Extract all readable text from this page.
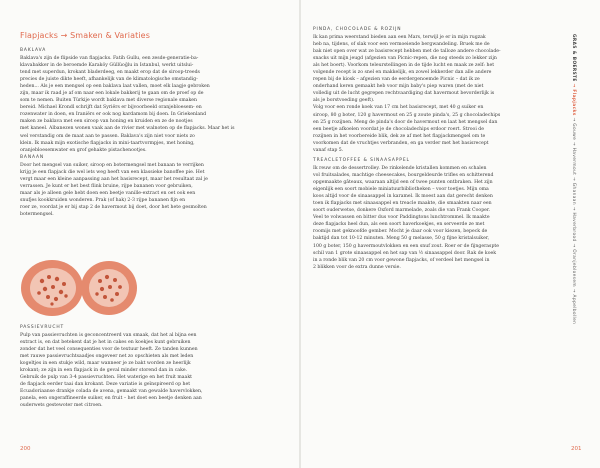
Flapjacks → Smaken & Variaties
BAKLAVA
Baklava's zijn de flipside van flapjacks. Fatih Gullu, een zesde-generatie-ba-
klavabakker in de beroemde Karaköy Güllüoğlu in Istanbul, werkt uitslui-
tend met superdun, krokant bladerdeeg, en maakt erop dat de siroop-treeds
precies de juiste dikte heeft, afhankelijk van de klimatologische omstandig-
heden... Als je een mengsel op een baklava laat vallen, moet elk laagje gebroken
zijn, maar ik raad je af om naar een lokale bakkerij te gaan om de proef op de
som te nemen. Buiten Türkije wordt baklava met diverse regionale smaken
bereid. Michael Krondl schrijft dat Syriërs er bijvoorbeeld oranjebloesem- en
rozenwater in doen, en Iraniërs er ook nog kardamom bij doen. In Griekenland
maken ze baklava met een siroop van honing en kruiden en ze de nootjes
met kaneel. Albanezen wonen vaak aan de rivier met walnoten op de flapjacks. Maar het is
wel verstandig om de maat aan te passen. Baklava's zijn niet voor niets zo
klein. Ik maak mijn exotische flapjacks in mini-taartvormpjes, met honing,
oranjebloesemwater en grof gehakte pistachenootjes.
BANAAN
Door het mengsel van suiker, siroop en botermengsel met banaan te verrijken
krijg je een flapjack die wel iets weg heeft van een klassieke banoffee pie. Het
vergt maar een kleine aanpassing aan het basisrecept, maar het resultaat zal je
verrassen. Je kunt er het best flink bruine, rijpe bananen voor gebruiken,
maar als je alleen gele hebt doen een beetje vanille-extract en oet ook een
snufjes kookkruiden wonderen. Prak (of hak) 2-3 rijpe bananen fijn en
roer ze, voordat je er bij stap 2 de havermout bij doet, door het hete gesmolten
botermengsel.
PASSIEVRUCHT
Pulp van passievruchten is geconcentreerd van smaak, dat het al bijna een
extract is, en dat betekent dat je het in cakes en koekjes kunt gebruiken
zonder dat het veel consequenties voor de textuur heeft. Ze tanden kunnen
met rauwe passievruchtsaadjes ongeveer net zo opschieten als met leden
kogeltjes in een stukje wild, maar wanneer je ze bakt worden ze heerlijk
krokant; ze zijn in een flapjack in de geval minder storend dan in cake.
Gebruik de pulp van 3-4 passievruchten. Het waterige en het fruit maakt
de flapjack eerder taai dan krokant. Deze variatie is geïnspireerd op het
Ecuadoriaanse drankje colada de avena, gemaakt van gewalde havervlokken,
panela, een ongeraffineerde suiker, en fruit – het doet een beetje denken aan
ouderwets gestewoter met citroen.
200
PINDA, CHOCOLADE & ROZIJN
Ik kan prima weerstand bieden aan een Mars, terwijl je er in mijn rugzak
heb na, tijdens, of slak voor een vermoeiende bergwandeling. Bruek me de
bak niet open over wat ze basisrecept hebben met de talloze andere chocolade-
snacks uit mijn jeugd (afgezien van Picnic-repen, die nog steeds zo lekker zijn
als het boert). Voorkom teleurstellingen in de tijde lucht en maak ze zelf: het
volgende recept is zo snel en makkelijk, en zowel lekkerder dan alle andere
repen bij de kiosk – afgezien van de eerdergenoemde Picnic – dat ik ze
onderhand keren gemaakt heb voor mijn baby's piep waren (met de niet
volledig uit de lucht gegrepen rechtvaardiging dat havermout bevorderlijk is
als je borstvoeding geeft).
Volg voor een ronde koek van 17 cm het basisrecept, met 40 g suiker en
siroop, 80 g boter, 120 g havermout en 25 g zoute pinda's, 25 g chocoladechips
en 25 g rozijnen. Meng de pinda's door de havermout en laat het mengsel dan
een beetje afkoelen voordat je de chocoladechips erdoor roert. Strooi de
rozijnen in het voorbereide blik, dek ze af met het flapjackmengsel om te
voorkomen dat de vruchtjes verbranden, en ga verder met het basisrecept
vanaf stap 5.
TREACLETOFFEE & SINAASAPPEL
Ik reuw om de dessertrolley. De rinkelende kristallen kommen en schalen
vol fruitsalades, machtige cheesecakes, bourgeldeurde trifles en schitterend
opgemaakte gâteaux, waaraan altijd een of twee punten ontbraken. Het zijn
eigenlijk een soort mobiele miniatuurbibliotheken – voor toetjes. Mijn oma
koos altijd voor de sinaasappel in karamel. Ik moest aan dat gerecht denken
toen ik flapjacks met sinaasappel en treacle maakte, die smaakten naar een
soort ouderwetse, donkere Oxford marmelade, zoals die van Frank Cooper.
Veel te volwassen en bitter dus voor Paddingtons lunchtrommel. Ik maakte
deze flapjacks heel dun, als een soort haverkoekjes, en serveerde ze met
roomijs met geknoofde gember. Mocht je daar ook voor kiezen, bepeck de
baktijd dan tot 10-12 minuten. Meng 50 g melasse, 50 g fijne kristalsuiker,
100 g boter, 150 g havermoutvlokken en een snuf zout. Roer er de fijngeraspte
schil van 1 grote sinaasappel en het sap van ½ sinaasappel door. Rak de koek
in a ronde blik van 20 cm voor gewone flapjacks, of verdeel het mengsel in
2 blikken voor de extra dunne versie.
GRAS & BOERSTE → Flapjacks → Gouwe → Havermout → Ghanaan → Haverbrood → Oranjebloesem → Appelbollen
201
